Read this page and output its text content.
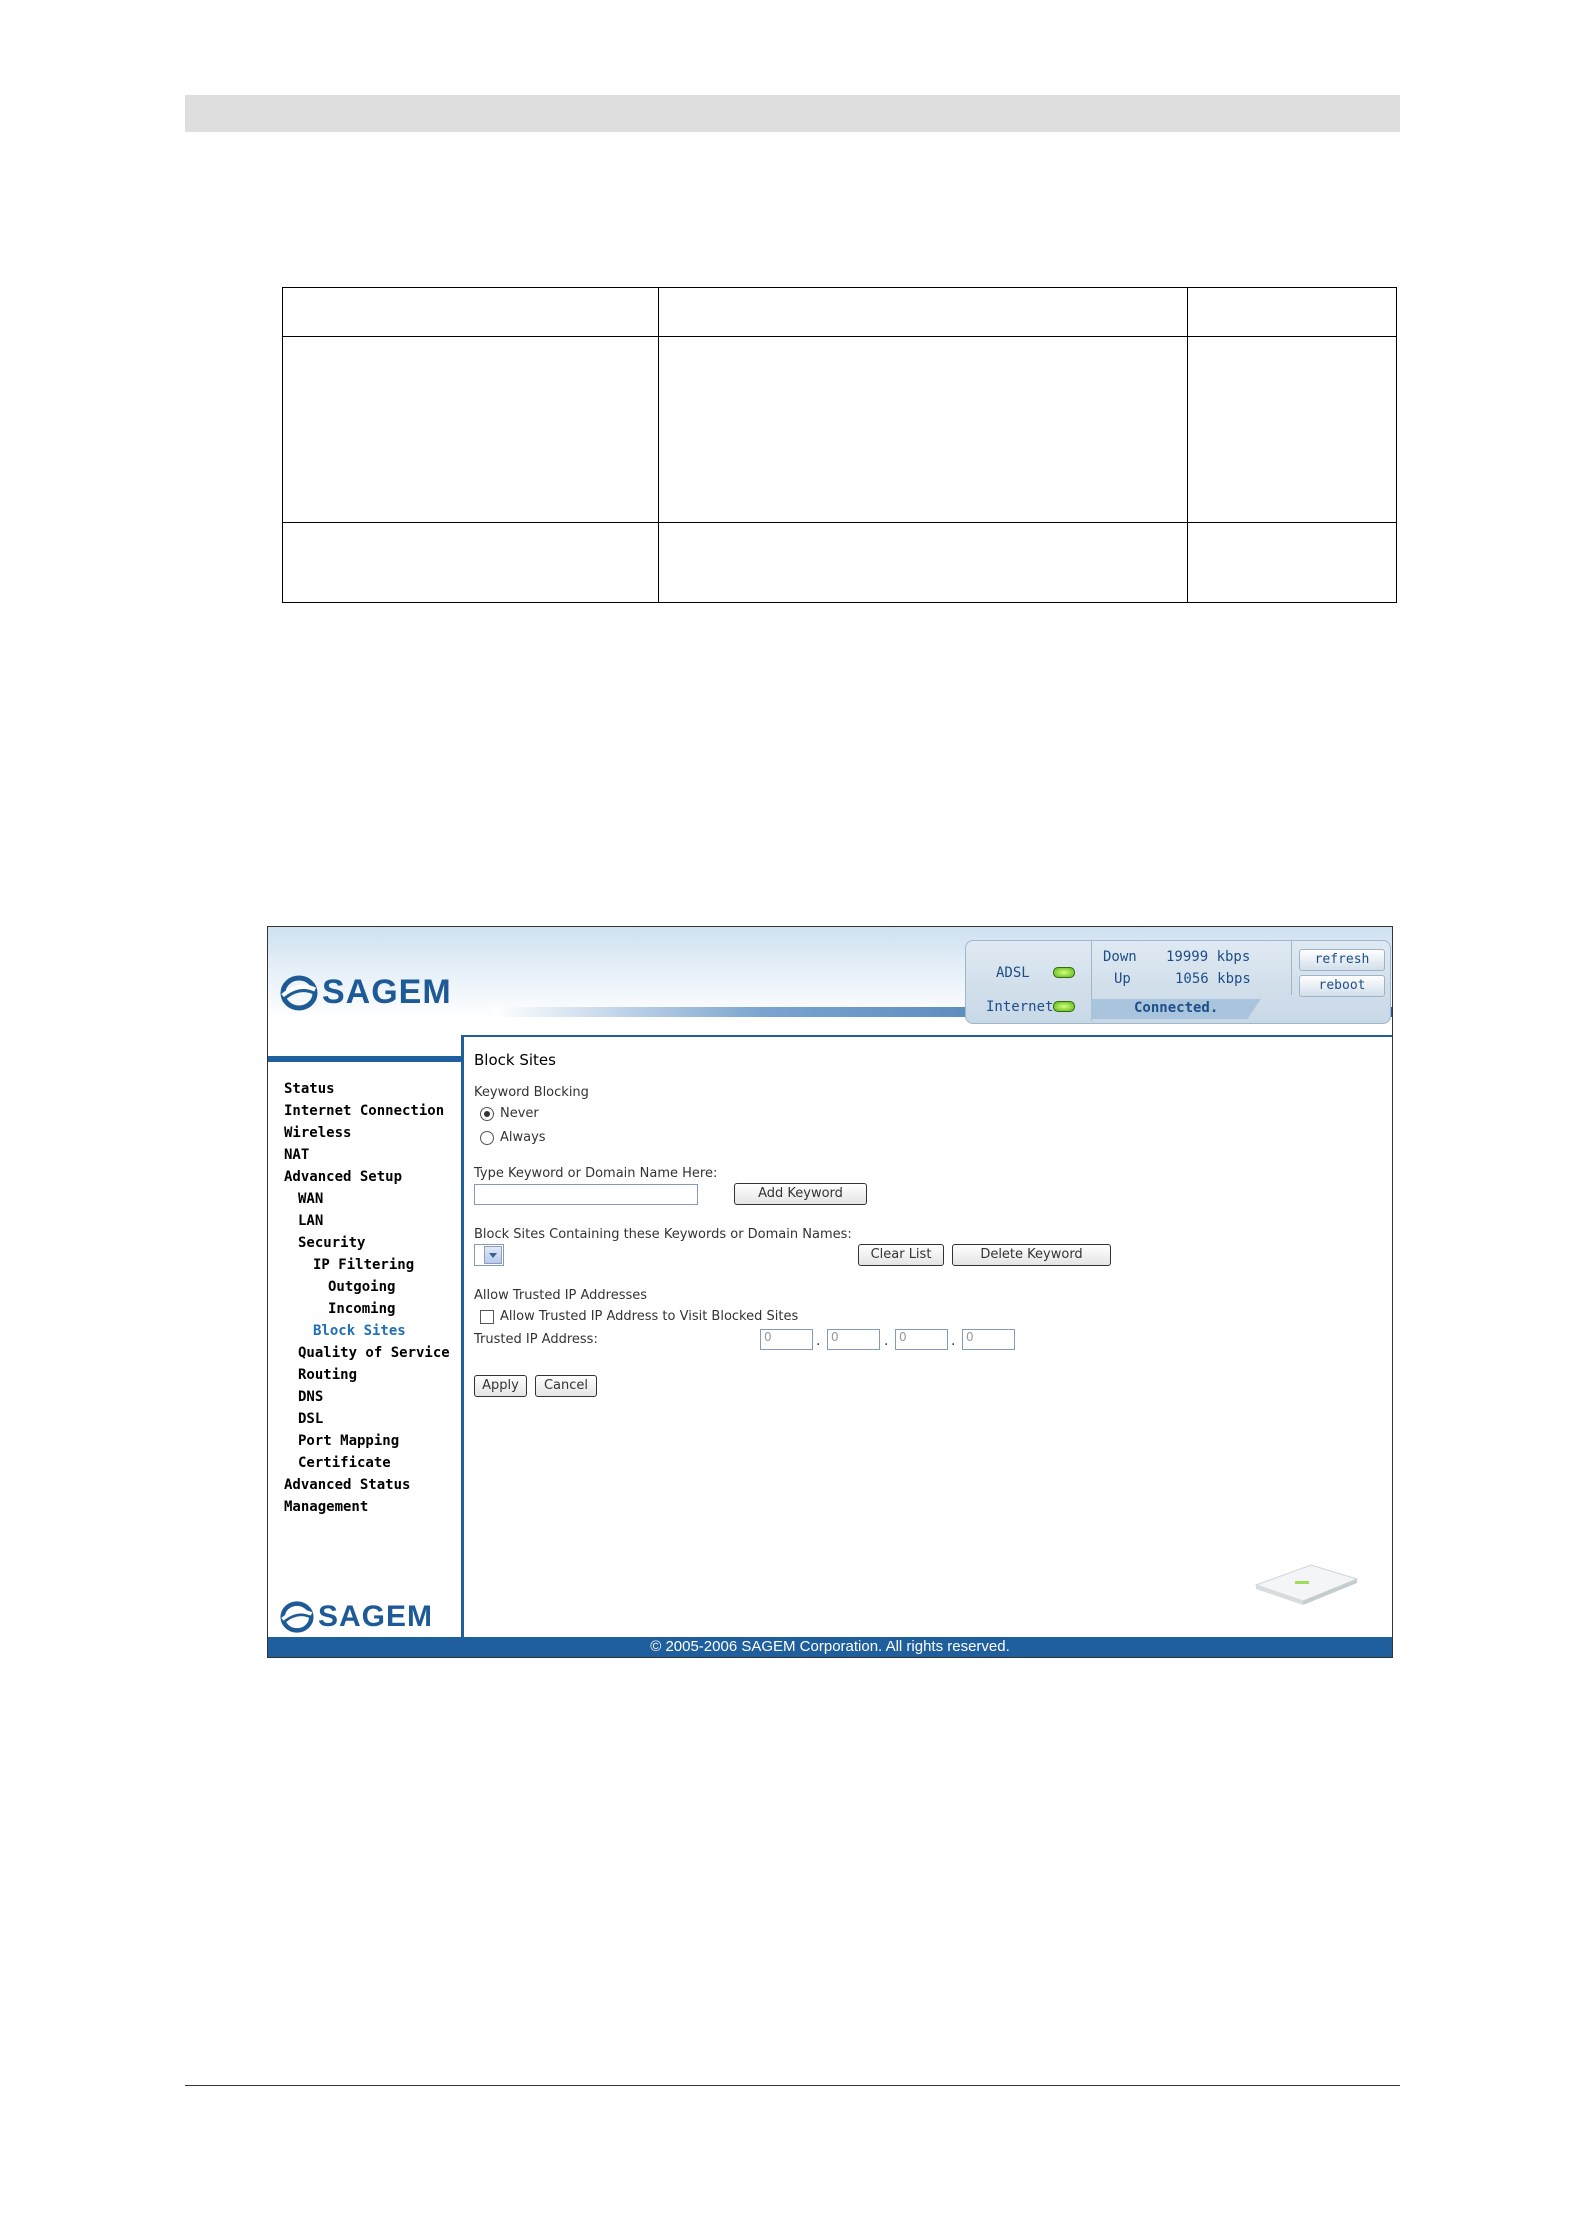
SAGEM	ADSL
Internet
Down 19999 kbps
Up	1056 kbps
Connected.
refresh
reboot
Status
Internet Connection
Wireless
NAT
Advanced Setup
WAN
LAN
Security
IP Filtering
Outgoing
Incoming
Block Sites
Quality of Service
Routing
DNS
DSL
Port Mapping
Certificate
Advanced Status
Management
Block Sites
Keyword Blocking
Never
Always
Type Keyword or Domain Name Here:
Add Keyword
Block Sites Containing these Keywords or Domain Names:
Clear List	Delete Keyword
Allow Trusted IP Addresses
Allow Trusted IP Address to Visit Blocked Sites
Trusted IP Address:	0	. 0	. 0	. 0
Apply	Cancel
SAGEM
© 2005-2006 SAGEM Corporation. All rights reserved.
